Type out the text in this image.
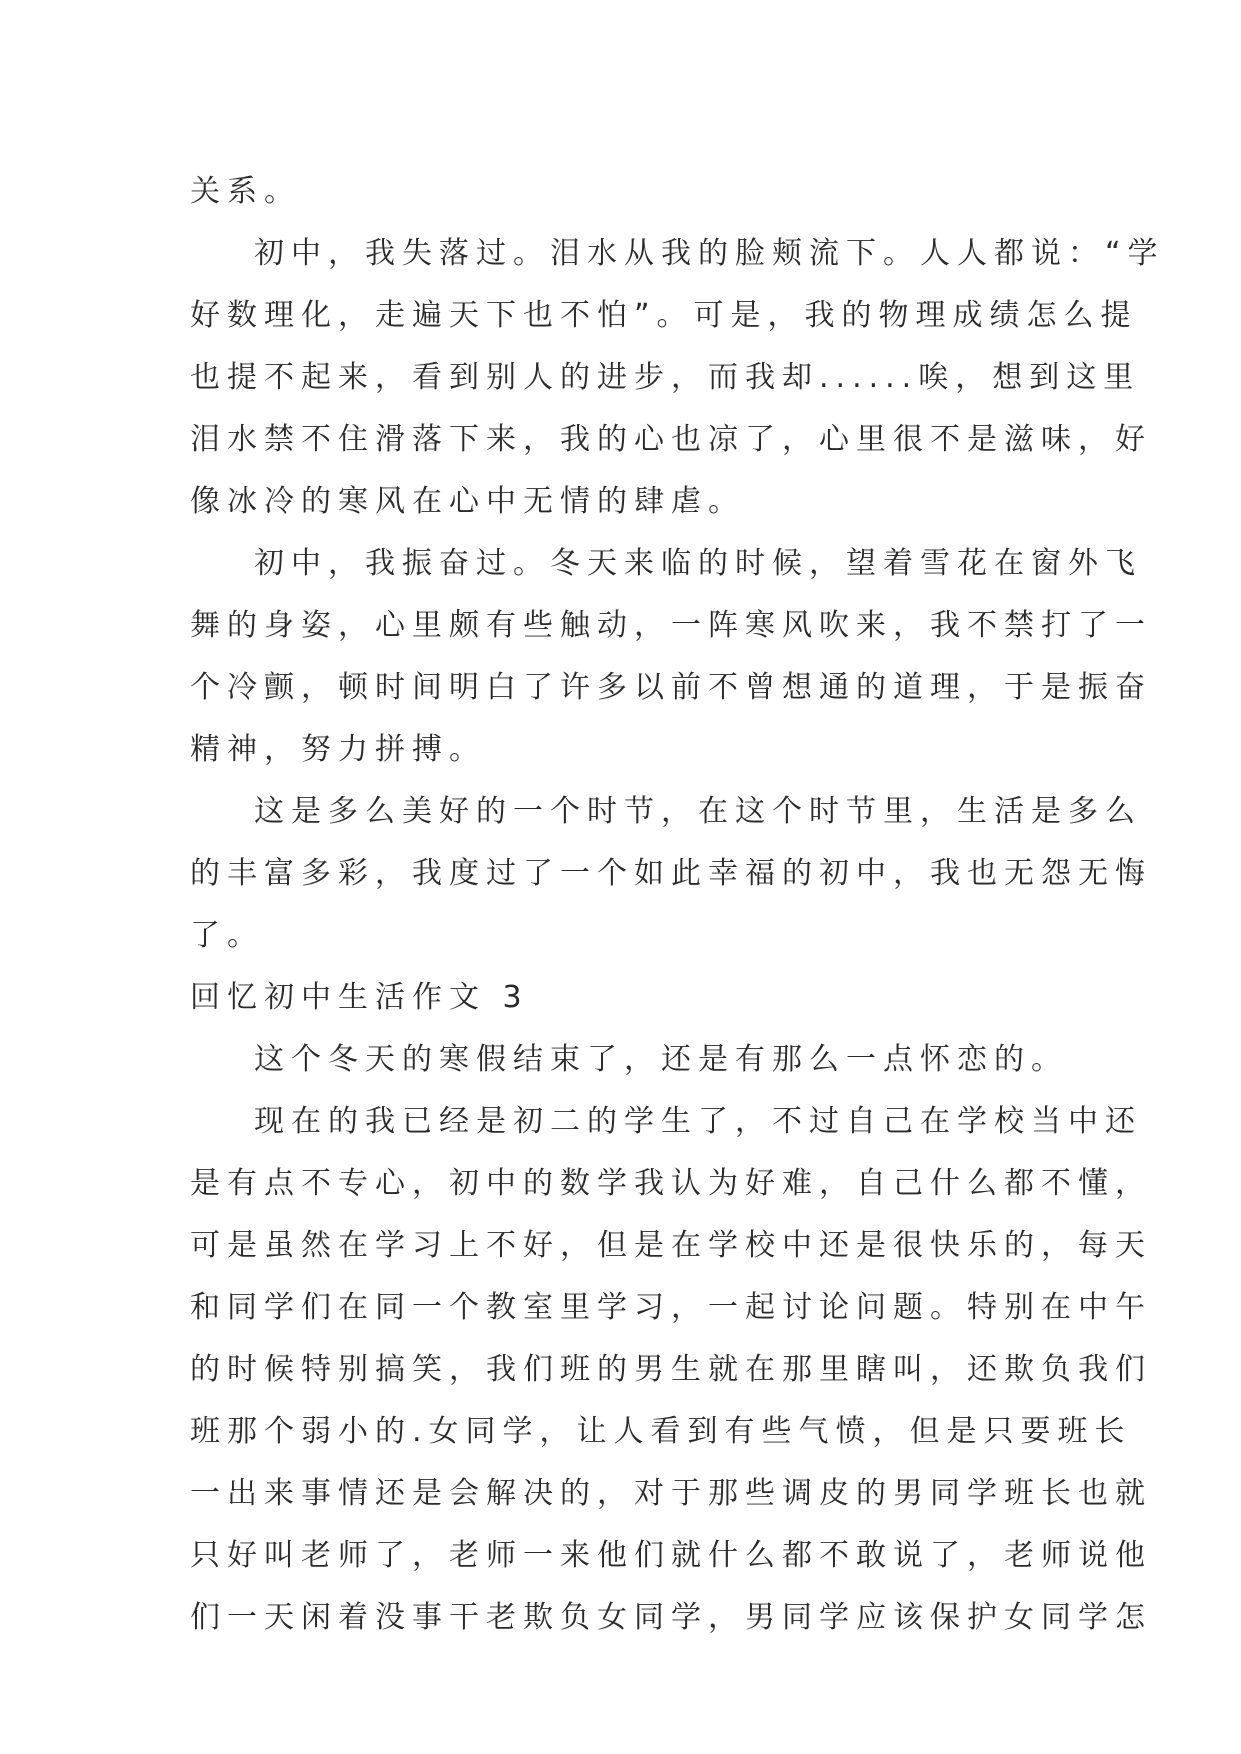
关系。
初中，我失落过。泪水从我的脸颊流下。人人都说：“学
好数理化，走遍天下也不怕”。可是，我的物理成绩怎么提
也提不起来，看到别人的进步，而我却......唉，想到这里
泪水禁不住滑落下来，我的心也凉了，心里很不是滋味，好
像冰冷的寒风在心中无情的肆虐。
初中，我振奋过。冬天来临的时候，望着雪花在窗外飞
舞的身姿，心里颇有些触动，一阵寒风吹来，我不禁打了一
个冷颤，顿时间明白了许多以前不曾想通的道理，于是振奋
精神，努力拼搏。
这是多么美好的一个时节，在这个时节里，生活是多么
的丰富多彩，我度过了一个如此幸福的初中，我也无怨无悔
了。
回忆初中生活作文 3
这个冬天的寒假结束了，还是有那么一点怀恋的。
现在的我已经是初二的学生了，不过自己在学校当中还
是有点不专心，初中的数学我认为好难，自己什么都不懂，
可是虽然在学习上不好，但是在学校中还是很快乐的，每天
和同学们在同一个教室里学习，一起讨论问题。特别在中午
的时候特别搞笑，我们班的男生就在那里瞎叫，还欺负我们
班那个弱小的.女同学，让人看到有些气愤，但是只要班长
一出来事情还是会解决的，对于那些调皮的男同学班长也就
只好叫老师了，老师一来他们就什么都不敢说了，老师说他
们一天闲着没事干老欺负女同学，男同学应该保护女同学怎
